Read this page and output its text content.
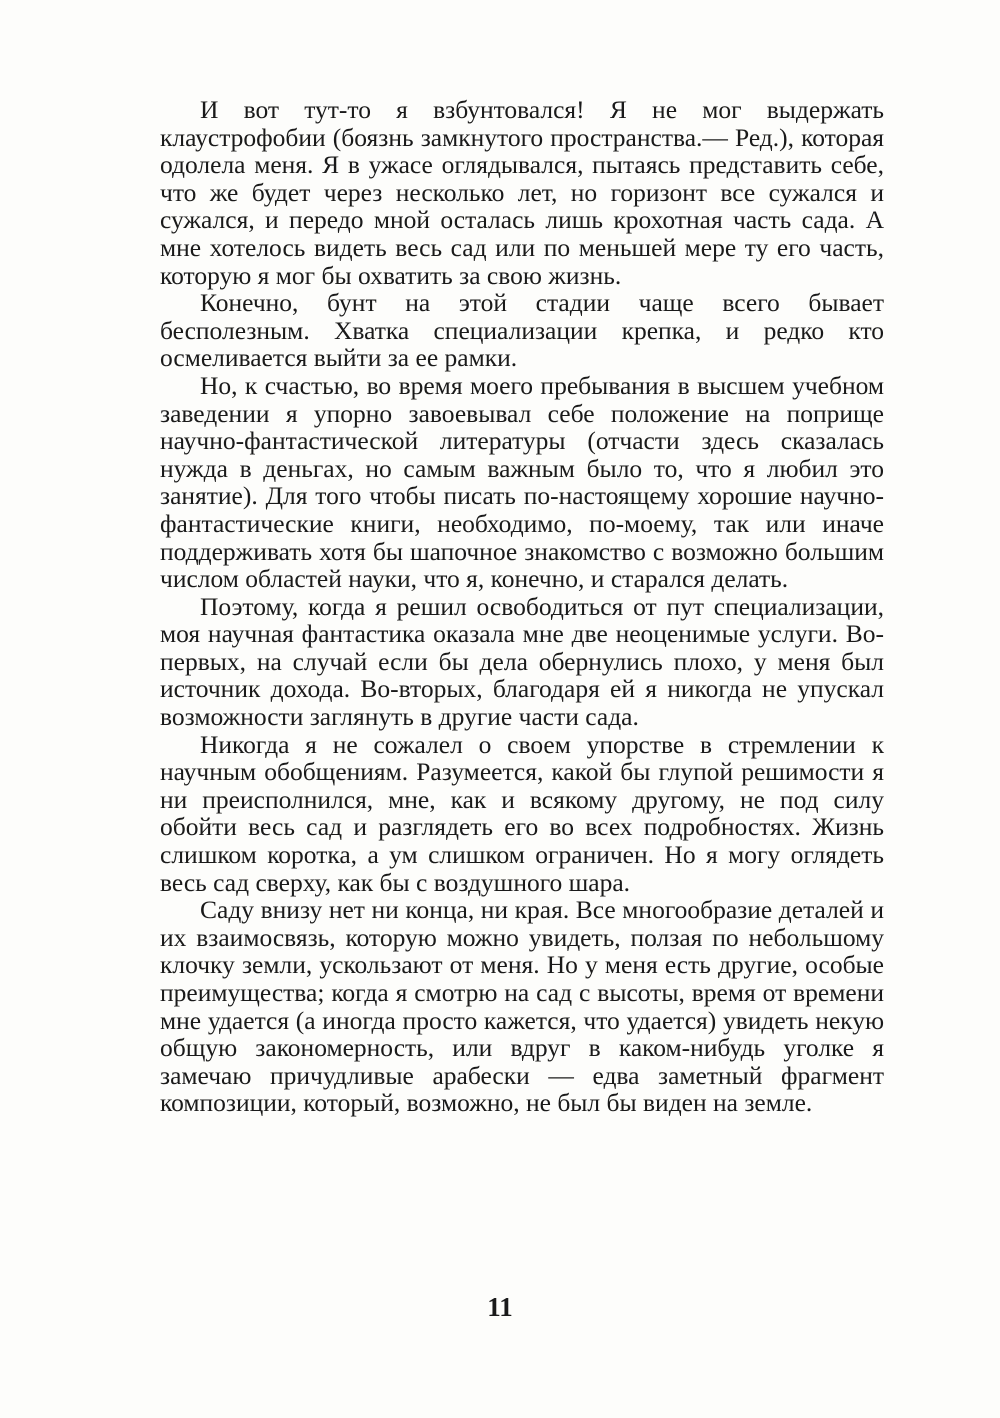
И вот тут-то я взбунтовался! Я не мог выдержать клаустрофобии (боязнь замкнутого пространства.— Ред.), которая одолела меня. Я в ужасе оглядывался, пытаясь представить себе, что же будет через несколько лет, но горизонт все сужался и сужался, и передо мной осталась лишь крохотная часть сада. А мне хотелось видеть весь сад или по меньшей мере ту его часть, которую я мог бы охватить за свою жизнь.

Конечно, бунт на этой стадии чаще всего бывает бесполезным. Хватка специализации крепка, и редко кто осмеливается выйти за ее рамки.

Но, к счастью, во время моего пребывания в высшем учебном заведении я упорно завоевывал себе положение на поприще научно-фантастической литературы (отчасти здесь сказалась нужда в деньгах, но самым важным было то, что я любил это занятие). Для того чтобы писать по-настоящему хорошие научно-фантастические книги, необходимо, по-моему, так или иначе поддерживать хотя бы шапочное знакомство с возможно большим числом областей науки, что я, конечно, и старался делать.

Поэтому, когда я решил освободиться от пут специализации, моя научная фантастика оказала мне две неоценимые услуги. Во-первых, на случай если бы дела обернулись плохо, у меня был источник дохода. Во-вторых, благодаря ей я никогда не упускал возможности заглянуть в другие части сада.

Никогда я не сожалел о своем упорстве в стремлении к научным обобщениям. Разумеется, какой бы глупой решимости я ни преисполнился, мне, как и всякому другому, не под силу обойти весь сад и разглядеть его во всех подробностях. Жизнь слишком коротка, а ум слишком ограничен. Но я могу оглядеть весь сад сверху, как бы с воздушного шара.

Саду внизу нет ни конца, ни края. Все многообразие деталей и их взаимосвязь, которую можно увидеть, ползая по небольшому клочку земли, ускользают от меня. Но у меня есть другие, особые преимущества; когда я смотрю на сад с высоты, время от времени мне удается (а иногда просто кажется, что удается) увидеть некую общую закономерность, или вдруг в каком-нибудь уголке я замечаю причудливые арабески — едва заметный фрагмент композиции, который, возможно, не был бы виден на земле.

11
